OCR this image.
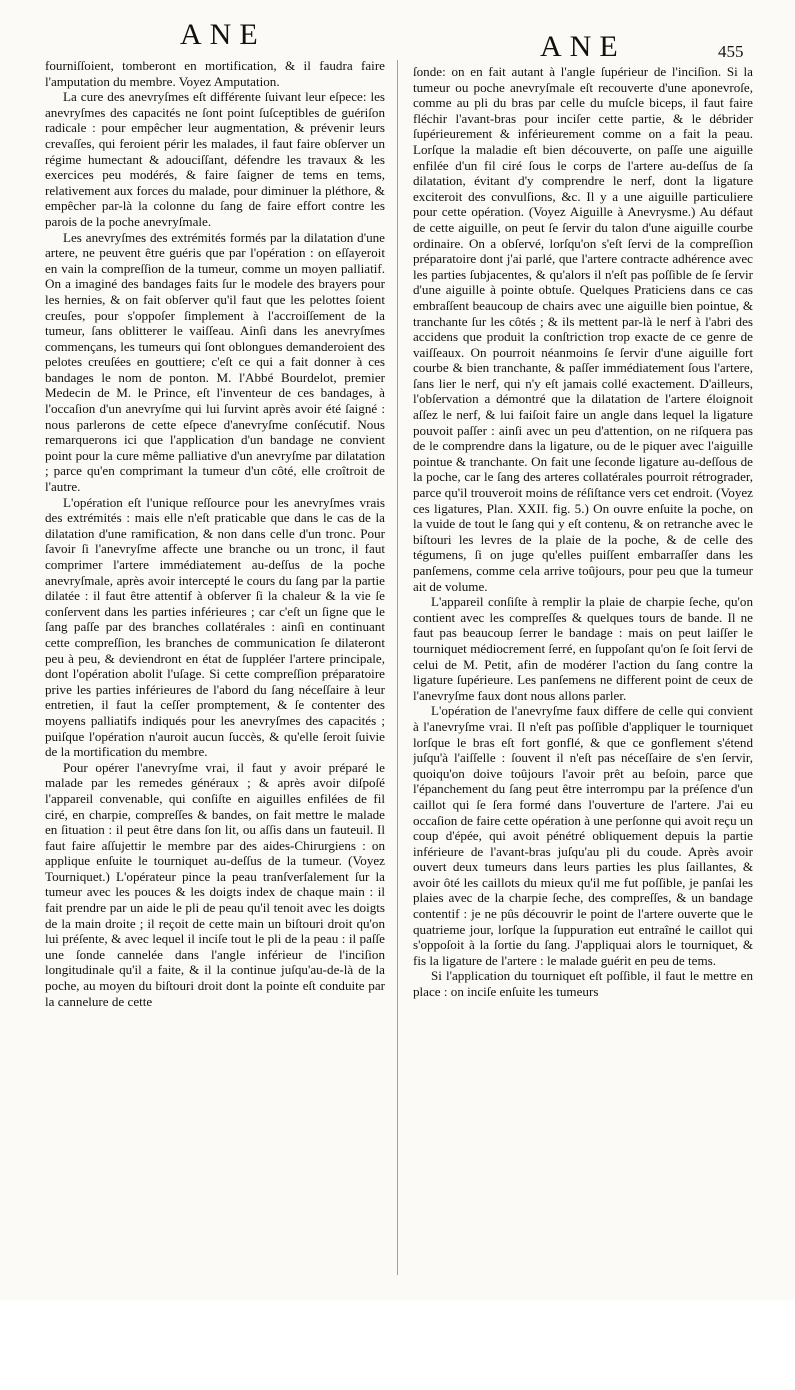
ANE	ANE	455

fourniſſoient, tomberont en mortification, & il faudra faire l'amputation du membre. Voyez Amputation.

La cure des anevryſmes eſt différente ſuivant leur eſpece: les anevryſmes des capacités ne ſont point ſuſceptibles de guériſon radicale : pour empêcher leur augmentation, & prévenir leurs crevaſſes, qui feroient périr les malades, il faut faire obſerver un régime humectant & adouciſſant, défendre les travaux & les exercices peu modérés, & faire ſaigner de tems en tems, relativement aux forces du malade, pour diminuer la pléthore, & empêcher par-là la colonne du ſang de faire effort contre les parois de la poche anevryſmale.

Les anevryſmes des extrémités formés par la dilatation d'une artere, ne peuvent être guéris que par l'opération : on eſſayeroit en vain la compreſſion de la tumeur, comme un moyen palliatif. On a imaginé des bandages faits ſur le modele des brayers pour les hernies, & on fait obſerver qu'il faut que les pelottes ſoient creuſes, pour s'oppoſer ſimplement à l'accroiſſement de la tumeur, ſans oblitterer le vaiſſeau. Ainſi dans les anevryſmes commençans, les tumeurs qui ſont oblongues demanderoient des pelotes creuſées en gouttiere; c'eſt ce qui a fait donner à ces bandages le nom de ponton. M. l'Abbé Bourdelot, premier Medecin de M. le Prince, eſt l'inventeur de ces bandages, à l'occaſion d'un anevryſme qui lui ſurvint après avoir été ſaigné : nous parlerons de cette eſpece d'anevryſme conſécutif. Nous remarquerons ici que l'application d'un bandage ne convient point pour la cure même palliative d'un anevryſme par dilatation ; parce qu'en comprimant la tumeur d'un côté, elle croîtroit de l'autre.

L'opération eſt l'unique reſſource pour les anevryſmes vrais des extrémités : mais elle n'eſt praticable que dans le cas de la dilatation d'une ramification, & non dans celle d'un tronc. Pour ſavoir ſi l'anevryſme affecte une branche ou un tronc, il faut comprimer l'artere immédiatement au-deſſus de la poche anevryſmale, après avoir intercepté le cours du ſang par la partie dilatée : il faut être attentif à obſerver ſi la chaleur & la vie ſe conſervent dans les parties inférieures ; car c'eſt un ſigne que le ſang paſſe par des branches collatérales : ainſi en continuant cette compreſſion, les branches de communication ſe dilateront peu à peu, & deviendront en état de ſuppléer l'artere principale, dont l'opération abolit l'uſage. Si cette compreſſion préparatoire prive les parties inférieures de l'abord du ſang néceſſaire à leur entretien, il faut la ceſſer promptement, & ſe contenter des moyens palliatifs indiqués pour les anevryſmes des capacités ; puiſque l'opération n'auroit aucun ſuccès, & qu'elle ſeroit ſuivie de la mortification du membre.

Pour opérer l'anevryſme vrai, il faut y avoir préparé le malade par les remedes généraux ; & après avoir diſpoſé l'appareil convenable, qui conſiſte en aiguilles enfilées de fil ciré, en charpie, compreſſes & bandes, on fait mettre le malade en ſituation : il peut être dans ſon lit, ou aſſis dans un fauteuil. Il faut faire aſſujettir le membre par des aides-Chirurgiens : on applique enſuite le tourniquet au-deſſus de la tumeur. (Voyez Tourniquet.) L'opérateur pince la peau tranſverſalement ſur la tumeur avec les pouces & les doigts index de chaque main : il fait prendre par un aide le pli de peau qu'il tenoit avec les doigts de la main droite ; il reçoit de cette main un biſtouri droit qu'on lui préſente, & avec lequel il inciſe tout le pli de la peau : il paſſe une ſonde cannelée dans l'angle inférieur de l'inciſion longitudinale qu'il a faite, & il la continue juſqu'au-de-là de la poche, au moyen du biſtouri droit dont la pointe eſt conduite par la cannelure de cette

ſonde: on en fait autant à l'angle ſupérieur de l'inciſion. Si la tumeur ou poche anevryſmale eſt recouverte d'une aponevroſe, comme au pli du bras par celle du muſcle biceps, il faut faire fléchir l'avant-bras pour inciſer cette partie, & le débrider ſupérieurement & inférieurement comme on a fait la peau. Lorſque la maladie eſt bien découverte, on paſſe une aiguille enfilée d'un fil ciré ſous le corps de l'artere au-deſſus de ſa dilatation, évitant d'y comprendre le nerf, dont la ligature exciteroit des convulſions, &c. Il y a une aiguille particuliere pour cette opération. (Voyez Aiguille à Anevrysme.) Au défaut de cette aiguille, on peut ſe ſervir du talon d'une aiguille courbe ordinaire. On a obſervé, lorſqu'on s'eſt ſervi de la compreſſion préparatoire dont j'ai parlé, que l'artere contracte adhérence avec les parties ſubjacentes, & qu'alors il n'eſt pas poſſible de ſe ſervir d'une aiguille à pointe obtuſe. Quelques Praticiens dans ce cas embraſſent beaucoup de chairs avec une aiguille bien pointue, & tranchante ſur les côtés ; & ils mettent par-là le nerf à l'abri des accidens que produit la conſtriction trop exacte de ce genre de vaiſſeaux. On pourroit néanmoins ſe ſervir d'une aiguille fort courbe & bien tranchante, & paſſer immédiatement ſous l'artere, ſans lier le nerf, qui n'y eſt jamais collé exactement. D'ailleurs, l'obſervation a démontré que la dilatation de l'artere éloignoit aſſez le nerf, & lui faiſoit faire un angle dans lequel la ligature pouvoit paſſer : ainſi avec un peu d'attention, on ne riſquera pas de le comprendre dans la ligature, ou de le piquer avec l'aiguille pointue & tranchante. On fait une ſeconde ligature au-deſſous de la poche, car le ſang des arteres collatérales pourroit rétrograder, parce qu'il trouveroit moins de réſiſtance vers cet endroit. (Voyez ces ligatures, Plan. XXII. fig. 5.) On ouvre enſuite la poche, on la vuide de tout le ſang qui y eſt contenu, & on retranche avec le biſtouri les levres de la plaie de la poche, & de celle des tégumens, ſi on juge qu'elles puiſſent embarraſſer dans les panſemens, comme cela arrive toûjours, pour peu que la tumeur ait de volume.

L'appareil conſiſte à remplir la plaie de charpie ſeche, qu'on contient avec les compreſſes & quelques tours de bande. Il ne faut pas beaucoup ſerrer le bandage : mais on peut laiſſer le tourniquet médiocrement ſerré, en ſuppoſant qu'on ſe ſoit ſervi de celui de M. Petit, afin de modérer l'action du ſang contre la ligature ſupérieure. Les panſemens ne different point de ceux de l'anevryſme faux dont nous allons parler.

L'opération de l'anevryſme faux differe de celle qui convient à l'anevryſme vrai. Il n'eſt pas poſſible d'appliquer le tourniquet lorſque le bras eſt fort gonflé, & que ce gonflement s'étend juſqu'à l'aiſſelle : ſouvent il n'eſt pas néceſſaire de s'en ſervir, quoiqu'on doive toûjours l'avoir prêt au beſoin, parce que l'épanchement du ſang peut être interrompu par la préſence d'un caillot qui ſe ſera formé dans l'ouverture de l'artere. J'ai eu occaſion de faire cette opération à une perſonne qui avoit reçu un coup d'épée, qui avoit pénétré obliquement depuis la partie inférieure de l'avant-bras juſqu'au pli du coude. Après avoir ouvert deux tumeurs dans leurs parties les plus ſaillantes, & avoir ôté les caillots du mieux qu'il me fut poſſible, je panſai les plaies avec de la charpie ſeche, des compreſſes, & un bandage contentif : je ne pûs découvrir le point de l'artere ouverte que le quatrieme jour, lorſque la ſuppuration eut entraîné le caillot qui s'oppoſoit à la ſortie du ſang. J'appliquai alors le tourniquet, & fis la ligature de l'artere : le malade guérit en peu de tems.

Si l'application du tourniquet eſt poſſible, il faut le mettre en place : on inciſe enſuite les tumeurs
